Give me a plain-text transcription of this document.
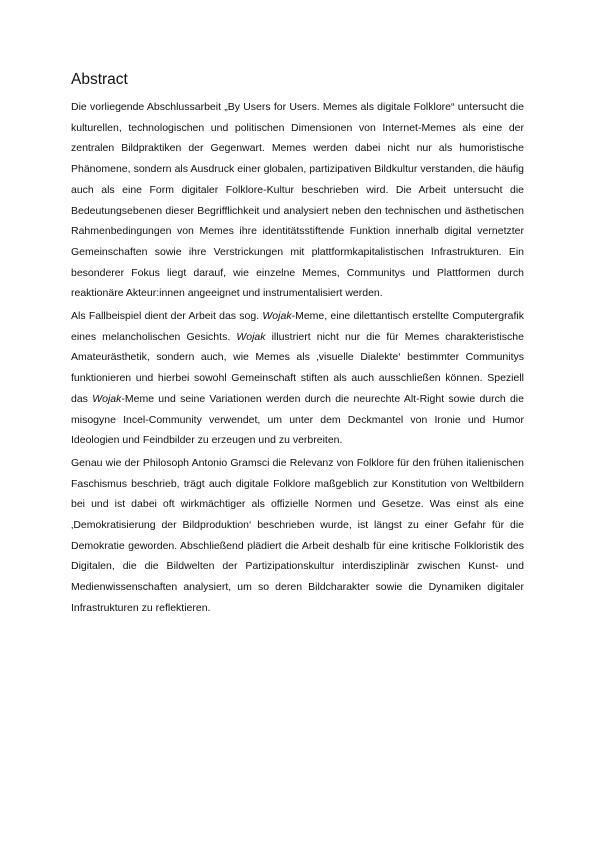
Abstract

Die vorliegende Abschlussarbeit „By Users for Users. Memes als digitale Folklore“ untersucht die kulturellen, technologischen und politischen Dimensionen von Internet-Memes als eine der zentralen Bildpraktiken der Gegenwart. Memes werden dabei nicht nur als humoristische Phänomene, sondern als Ausdruck einer globalen, partizipativen Bildkultur verstanden, die häufig auch als eine Form digitaler Folklore-Kultur beschrieben wird. Die Arbeit untersucht die Bedeutungsebenen dieser Begrifflichkeit und analysiert neben den technischen und ästhetischen Rahmenbedingungen von Memes ihre identitätsstiftende Funktion innerhalb digital vernetzter Gemeinschaften sowie ihre Verstrickungen mit plattformkapitalistischen Infrastrukturen. Ein besonderer Fokus liegt darauf, wie einzelne Memes, Communitys und Plattformen durch reaktionäre Akteur:innen angeeignet und instrumentalisiert werden.

Als Fallbeispiel dient der Arbeit das sog. Wojak-Meme, eine dilettantisch erstellte Computergrafik eines melancholischen Gesichts. Wojak illustriert nicht nur die für Memes charakteristische Amateurästhetik, sondern auch, wie Memes als ‚visuelle Dialekte‘ bestimmter Communitys funktionieren und hierbei sowohl Gemeinschaft stiften als auch ausschließen können. Speziell das Wojak-Meme und seine Variationen werden durch die neurechte Alt-Right sowie durch die misogyne Incel-Community verwendet, um unter dem Deckmantel von Ironie und Humor Ideologien und Feindbilder zu erzeugen und zu verbreiten.

Genau wie der Philosoph Antonio Gramsci die Relevanz von Folklore für den frühen italienischen Faschismus beschrieb, trägt auch digitale Folklore maßgeblich zur Konstitution von Weltbildern bei und ist dabei oft wirkmächtiger als offizielle Normen und Gesetze. Was einst als eine ‚Demokratisierung der Bildproduktion‘ beschrieben wurde, ist längst zu einer Gefahr für die Demokratie geworden. Abschließend plädiert die Arbeit deshalb für eine kritische Folkloristik des Digitalen, die die Bildwelten der Partizipationskultur interdisziplinär zwischen Kunst- und Medienwissenschaften analysiert, um so deren Bildcharakter sowie die Dynamiken digitaler Infrastrukturen zu reflektieren.
